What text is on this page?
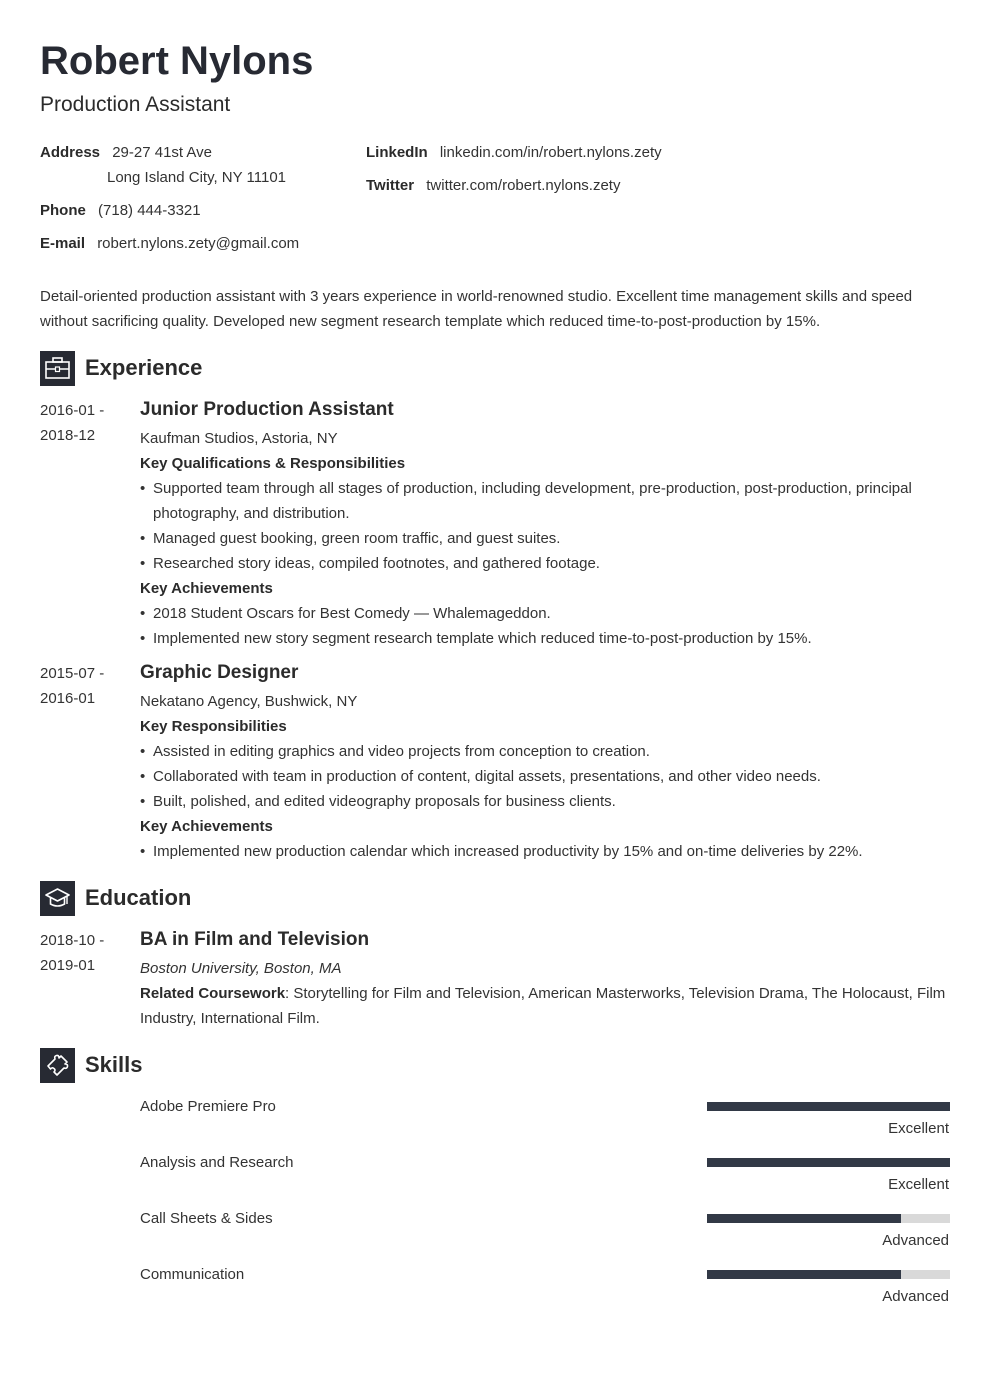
Robert Nylons
Production Assistant
Address 29-27 41st Ave
Long Island City, NY 11101
Phone (718) 444-3321
E-mail robert.nylons.zety@gmail.com
LinkedIn linkedin.com/in/robert.nylons.zety
Twitter twitter.com/robert.nylons.zety
Detail-oriented production assistant with 3 years experience in world-renowned studio. Excellent time management skills and speed without sacrificing quality. Developed new segment research template which reduced time-to-post-production by 15%.
Experience
2016-01 -
2018-12
Junior Production Assistant
Kaufman Studios, Astoria, NY
Key Qualifications & Responsibilities
• Supported team through all stages of production, including development, pre-production, post-production, principal photography, and distribution.
• Managed guest booking, green room traffic, and guest suites.
• Researched story ideas, compiled footnotes, and gathered footage.
Key Achievements
• 2018 Student Oscars for Best Comedy — Whalemageddon.
• Implemented new story segment research template which reduced time-to-post-production by 15%.
2015-07 -
2016-01
Graphic Designer
Nekatano Agency, Bushwick, NY
Key Responsibilities
• Assisted in editing graphics and video projects from conception to creation.
• Collaborated with team in production of content, digital assets, presentations, and other video needs.
• Built, polished, and edited videography proposals for business clients.
Key Achievements
• Implemented new production calendar which increased productivity by 15% and on-time deliveries by 22%.
Education
2018-10 -
2019-01
BA in Film and Television
Boston University, Boston, MA
Related Coursework: Storytelling for Film and Television, American Masterworks, Television Drama, The Holocaust, Film Industry, International Film.
Skills
Adobe Premiere Pro
Excellent
Analysis and Research
Excellent
Call Sheets & Sides
Advanced
Communication
Advanced
